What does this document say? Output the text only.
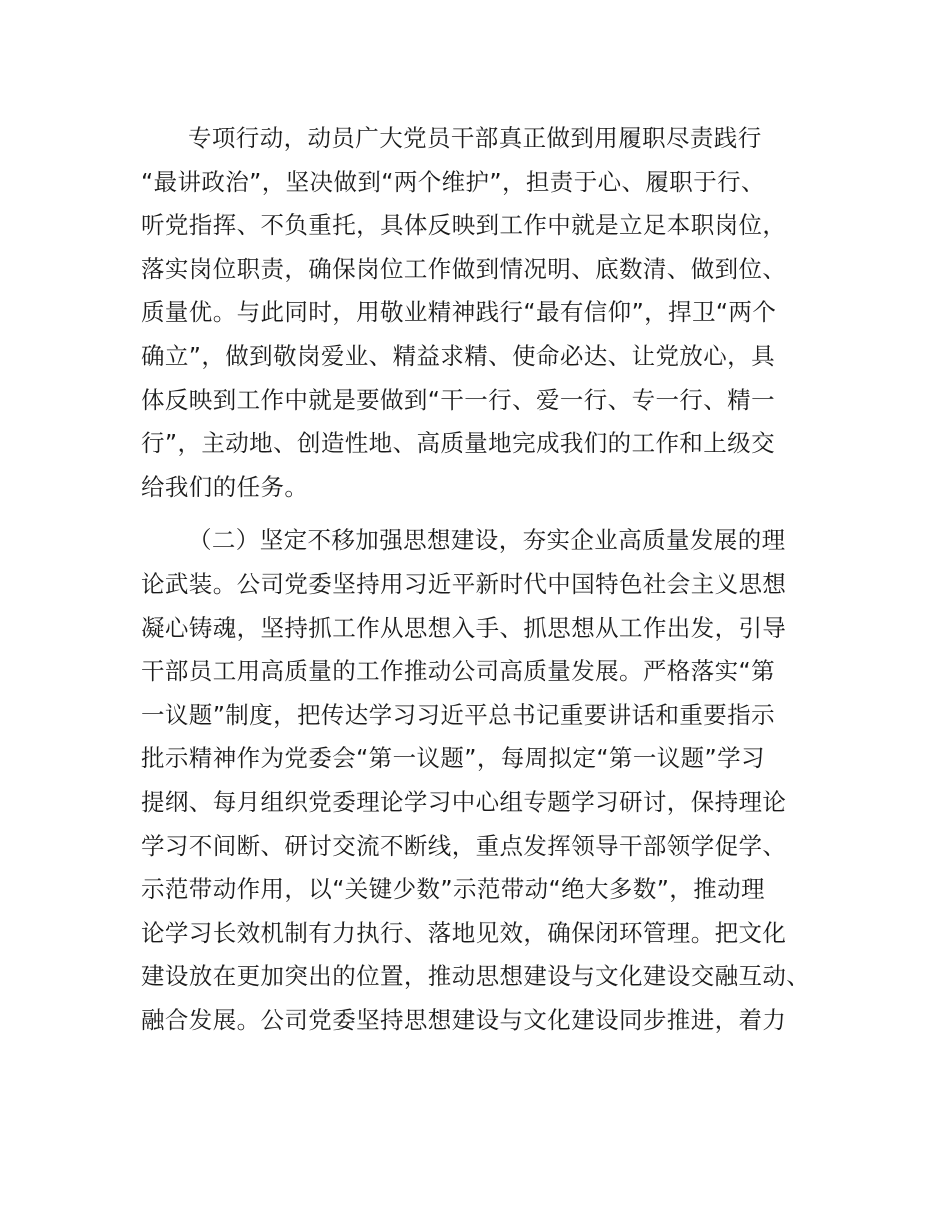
专项行动，动员广大党员干部真正做到用履职尽责践行
“最讲政治”，坚决做到“两个维护”，担责于心、履职于行、
听党指挥、不负重托，具体反映到工作中就是立足本职岗位，
落实岗位职责，确保岗位工作做到情况明、底数清、做到位、
质量优。与此同时，用敬业精神践行“最有信仰”，捍卫“两个
确立”，做到敬岗爱业、精益求精、使命必达、让党放心，具
体反映到工作中就是要做到“干一行、爱一行、专一行、精一
行”，主动地、创造性地、高质量地完成我们的工作和上级交
给我们的任务。

（二）坚定不移加强思想建设，夯实企业高质量发展的理
论武装。公司党委坚持用习近平新时代中国特色社会主义思想
凝心铸魂，坚持抓工作从思想入手、抓思想从工作出发，引导
干部员工用高质量的工作推动公司高质量发展。严格落实“第
一议题”制度，把传达学习习近平总书记重要讲话和重要指示
批示精神作为党委会“第一议题”，每周拟定“第一议题”学习
提纲、每月组织党委理论学习中心组专题学习研讨，保持理论
学习不间断、研讨交流不断线，重点发挥领导干部领学促学、
示范带动作用，以“关键少数”示范带动“绝大多数”，推动理
论学习长效机制有力执行、落地见效，确保闭环管理。把文化
建设放在更加突出的位置，推动思想建设与文化建设交融互动、
融合发展。公司党委坚持思想建设与文化建设同步推进，着力
